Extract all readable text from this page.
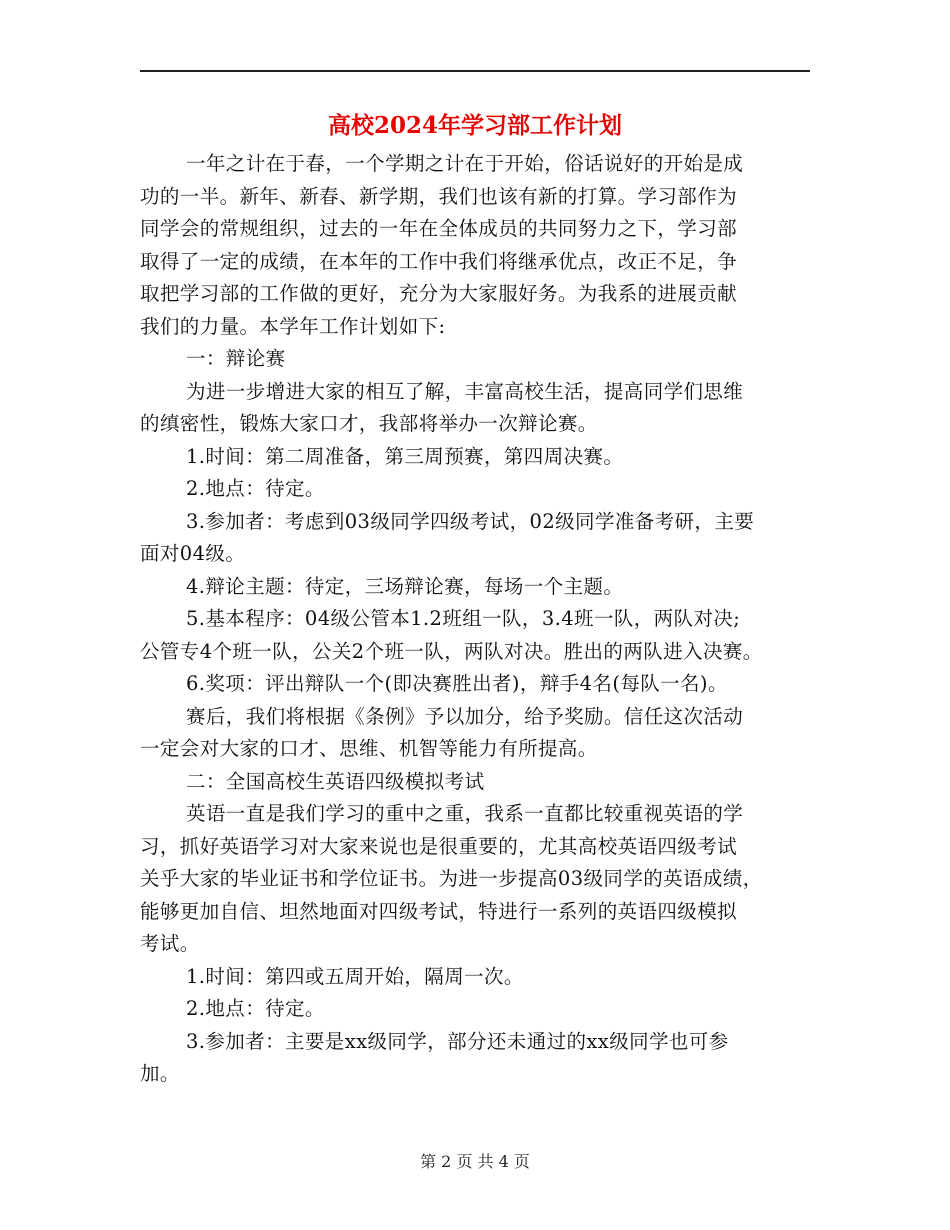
高校2024年学习部工作计划
一年之计在于春，一个学期之计在于开始，俗话说好的开始是成
功的一半。新年、新春、新学期，我们也该有新的打算。学习部作为
同学会的常规组织，过去的一年在全体成员的共同努力之下，学习部
取得了一定的成绩，在本年的工作中我们将继承优点，改正不足，争
取把学习部的工作做的更好，充分为大家服好务。为我系的进展贡献
我们的力量。本学年工作计划如下:
一：辩论赛
为进一步增进大家的相互了解，丰富高校生活，提高同学们思维
的缜密性，锻炼大家口才，我部将举办一次辩论赛。
1.时间：第二周准备，第三周预赛，第四周决赛。
2.地点：待定。
3.参加者：考虑到03级同学四级考试，02级同学准备考研，主要
面对04级。
4.辩论主题：待定，三场辩论赛，每场一个主题。
5.基本程序：04级公管本1.2班组一队，3.4班一队，两队对决;
公管专4个班一队，公关2个班一队，两队对决。胜出的两队进入决赛。
6.奖项：评出辩队一个(即决赛胜出者)，辩手4名(每队一名)。
赛后，我们将根据《条例》予以加分，给予奖励。信任这次活动
一定会对大家的口才、思维、机智等能力有所提高。
二：全国高校生英语四级模拟考试
英语一直是我们学习的重中之重，我系一直都比较重视英语的学
习，抓好英语学习对大家来说也是很重要的，尤其高校英语四级考试
关乎大家的毕业证书和学位证书。为进一步提高03级同学的英语成绩，
能够更加自信、坦然地面对四级考试，特进行一系列的英语四级模拟
考试。
1.时间：第四或五周开始，隔周一次。
2.地点：待定。
3.参加者：主要是xx级同学，部分还未通过的xx级同学也可参
加。
第 2 页 共 4 页
